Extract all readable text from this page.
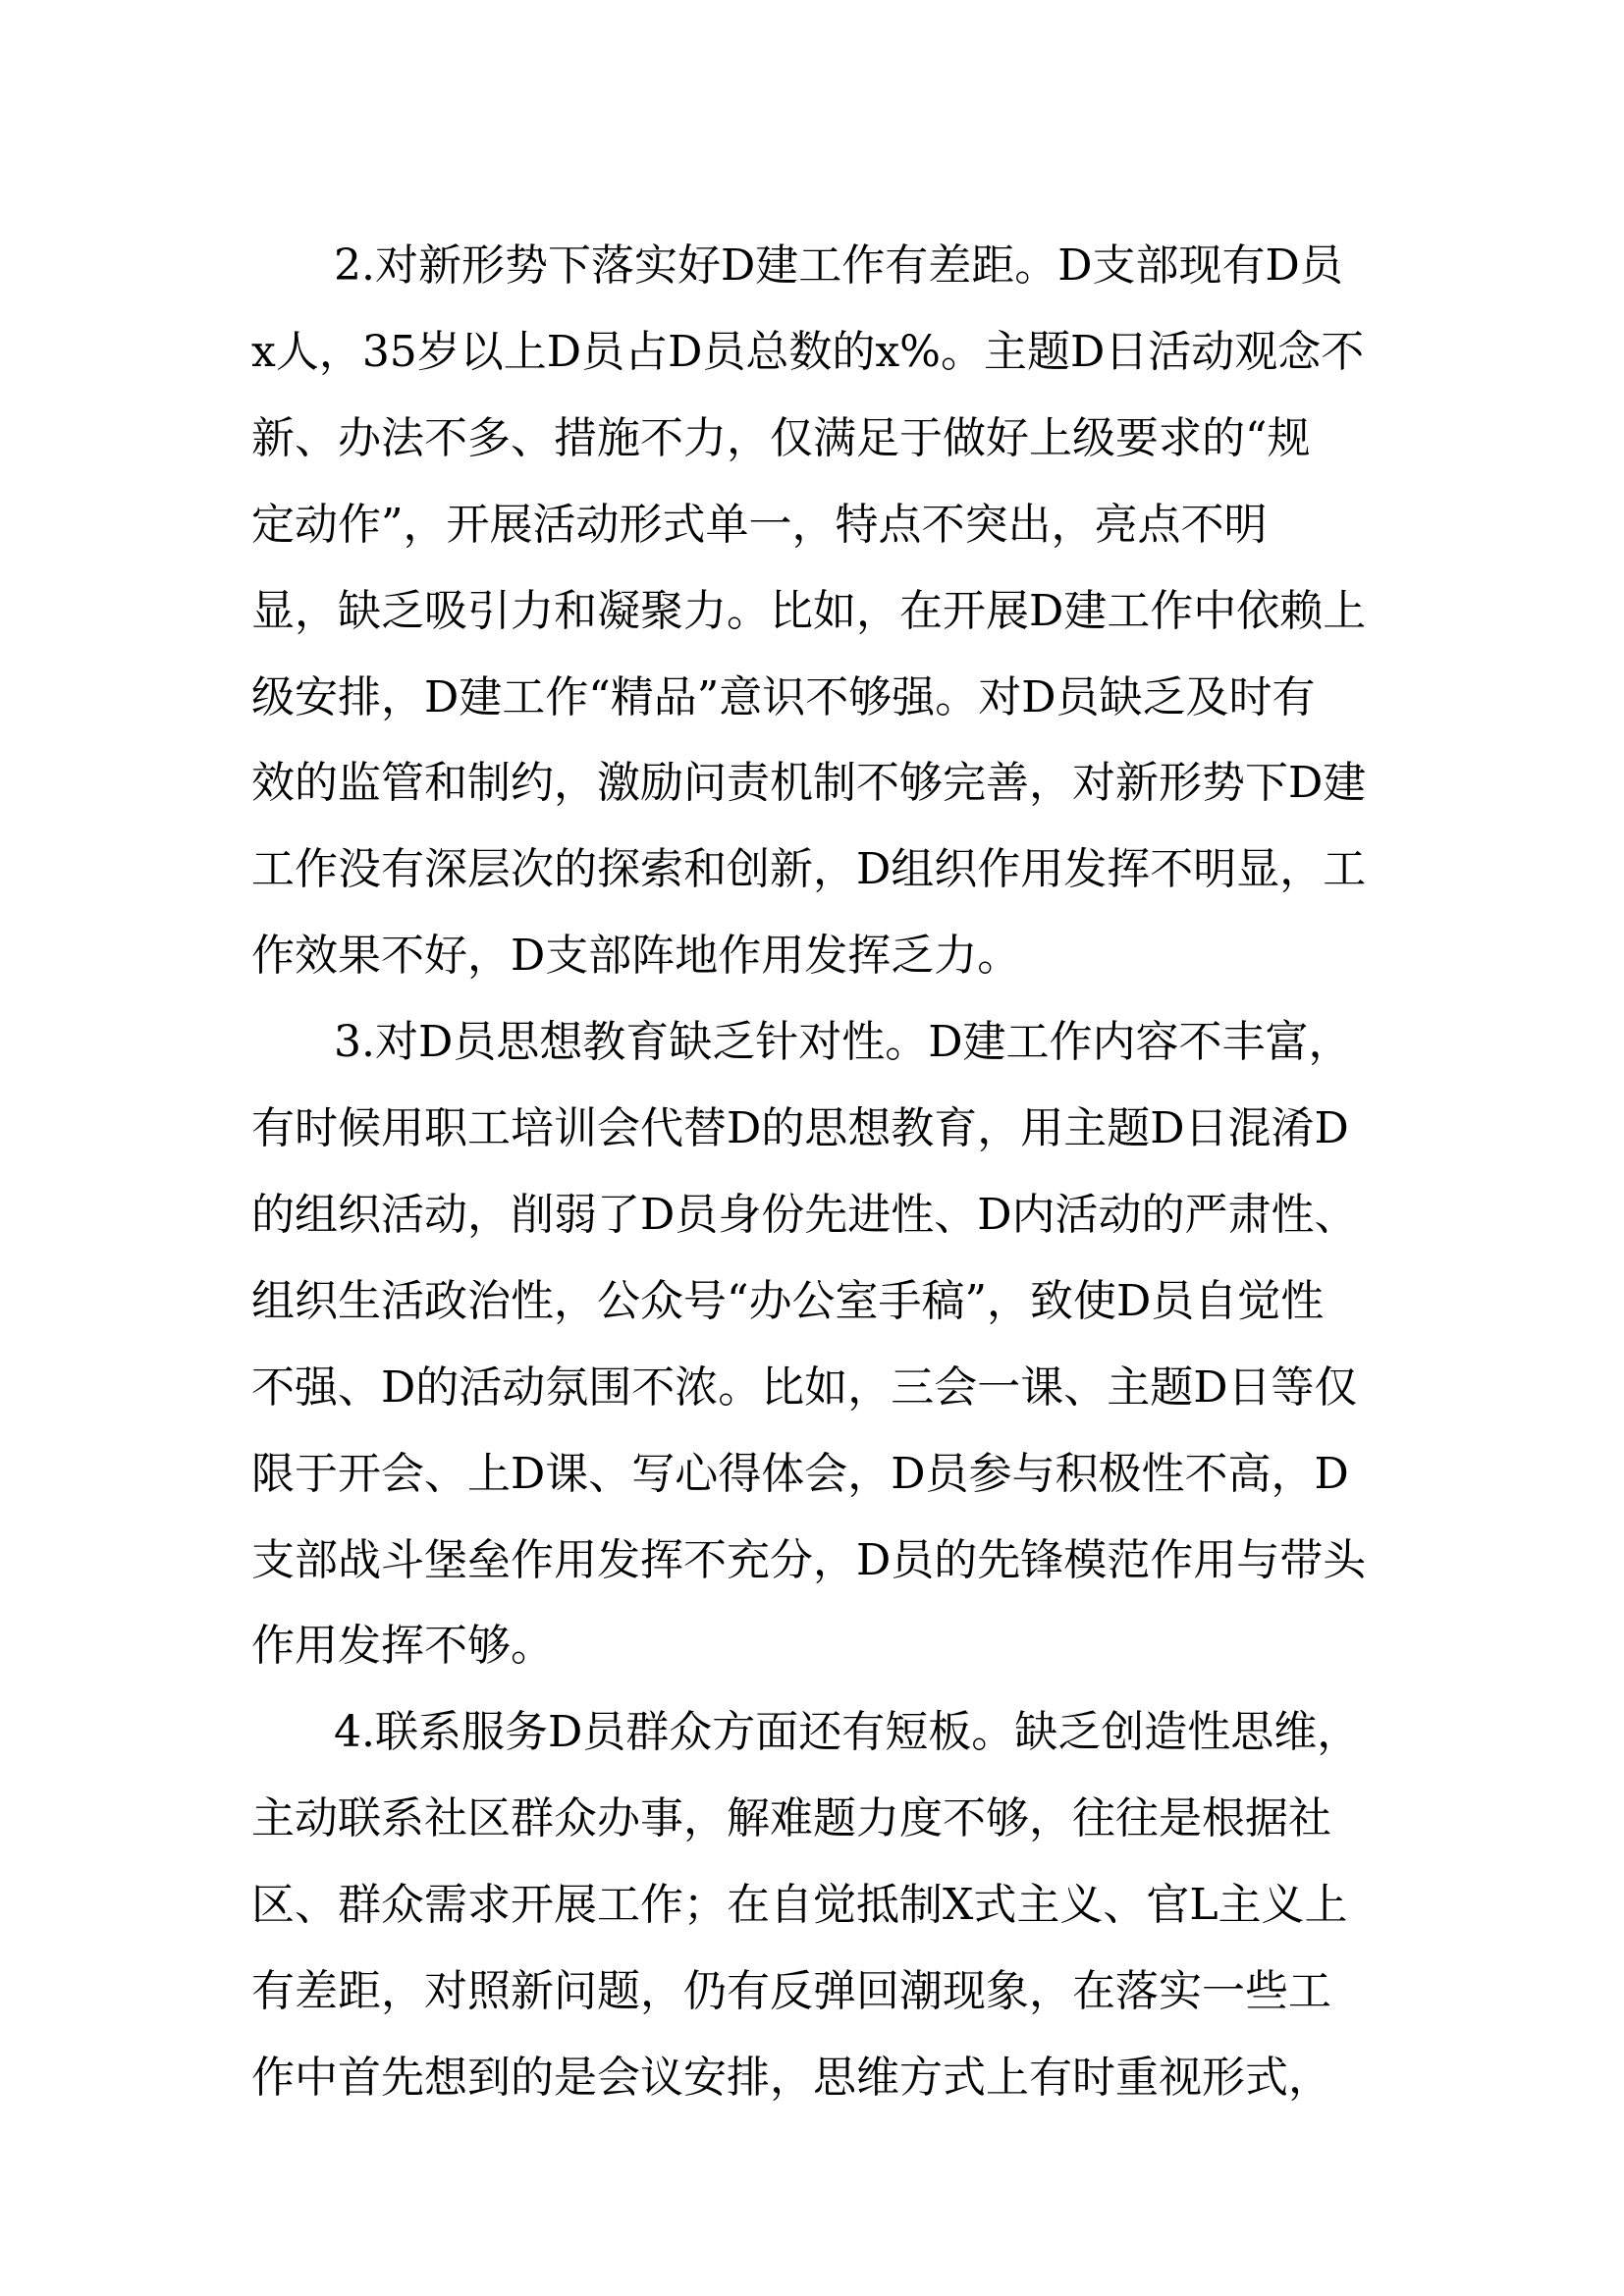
2.对新形势下落实好D建工作有差距。D支部现有D员
x人，35岁以上D员占D员总数的x%。主题D日活动观念不
新、办法不多、措施不力，仅满足于做好上级要求的“规
定动作”，开展活动形式单一，特点不突出，亮点不明
显，缺乏吸引力和凝聚力。比如，在开展D建工作中依赖上
级安排，D建工作“精品”意识不够强。对D员缺乏及时有
效的监管和制约，激励问责机制不够完善，对新形势下D建
工作没有深层次的探索和创新，D组织作用发挥不明显，工
作效果不好，D支部阵地作用发挥乏力。
3.对D员思想教育缺乏针对性。D建工作内容不丰富，
有时候用职工培训会代替D的思想教育，用主题D日混淆D
的组织活动，削弱了D员身份先进性、D内活动的严肃性、
组织生活政治性，公众号“办公室手稿”，致使D员自觉性
不强、D的活动氛围不浓。比如，三会一课、主题D日等仅
限于开会、上D课、写心得体会，D员参与积极性不高，D
支部战斗堡垒作用发挥不充分，D员的先锋模范作用与带头
作用发挥不够。
4.联系服务D员群众方面还有短板。缺乏创造性思维，
主动联系社区群众办事，解难题力度不够，往往是根据社
区、群众需求开展工作；在自觉抵制X式主义、官L主义上
有差距，对照新问题，仍有反弹回潮现象，在落实一些工
作中首先想到的是会议安排，思维方式上有时重视形式，
